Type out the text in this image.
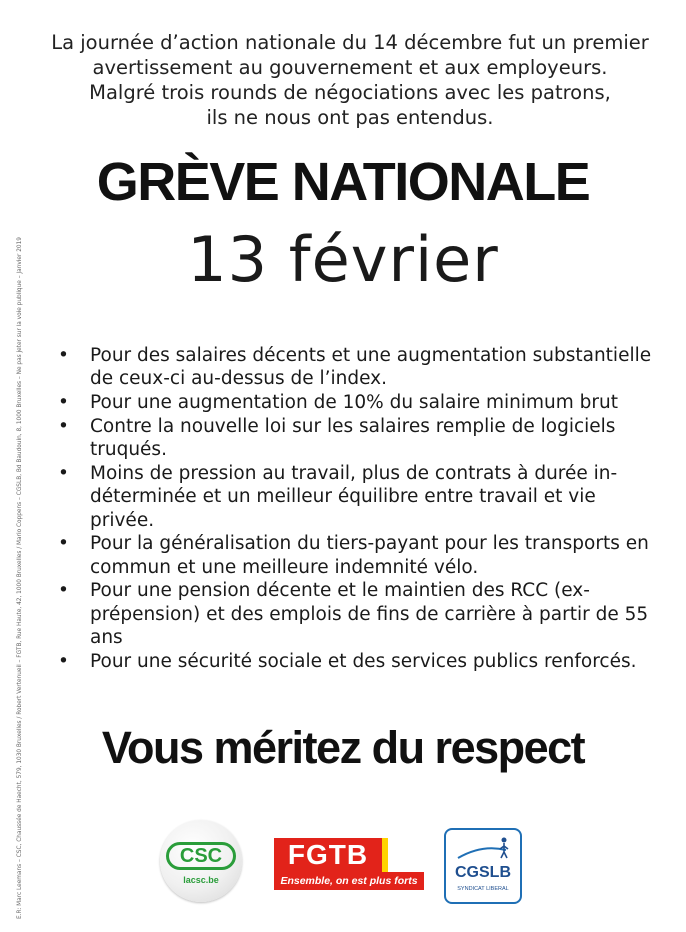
E.R: Marc Leemans – CSC, Chaussée de Haecht, 579, 1030 Bruxelles / Robert Vertenueil – FGTB, Rue Haute, 42, 1000 Bruxelles / Mario Coppens – CGSLB, Bd Baudouin, 8, 1000 Bruxelles – Ne pas jeter sur la voie publique – Janvier 2019
La journée d’action nationale du 14 décembre fut un premier
avertissement au gouvernement et aux employeurs.
Malgré trois rounds de négociations avec les patrons,
ils ne nous ont pas entendus.
GRÈVE NATIONALE
13 février
• Pour des salaires décents et une augmentation substantielle de ceux-ci au-dessus de l’index.
• Pour une augmentation de 10% du salaire minimum brut
• Contre la nouvelle loi sur les salaires remplie de logiciels truqués.
• Moins de pression au travail, plus de contrats à durée in-déterminée et un meilleur équilibre entre travail et vie privée.
• Pour la généralisation du tiers-payant pour les transports en commun et une meilleure indemnité vélo.
• Pour une pension décente et le maintien des RCC (ex-prépension) et des emplois de fins de carrière à partir de 55 ans
• Pour une sécurité sociale et des services publics renforcés.
Vous méritez du respect
CSC
lacsc.be
FGTB
Ensemble, on est plus forts	CGSLB
SYNDICAT LIBERAL
